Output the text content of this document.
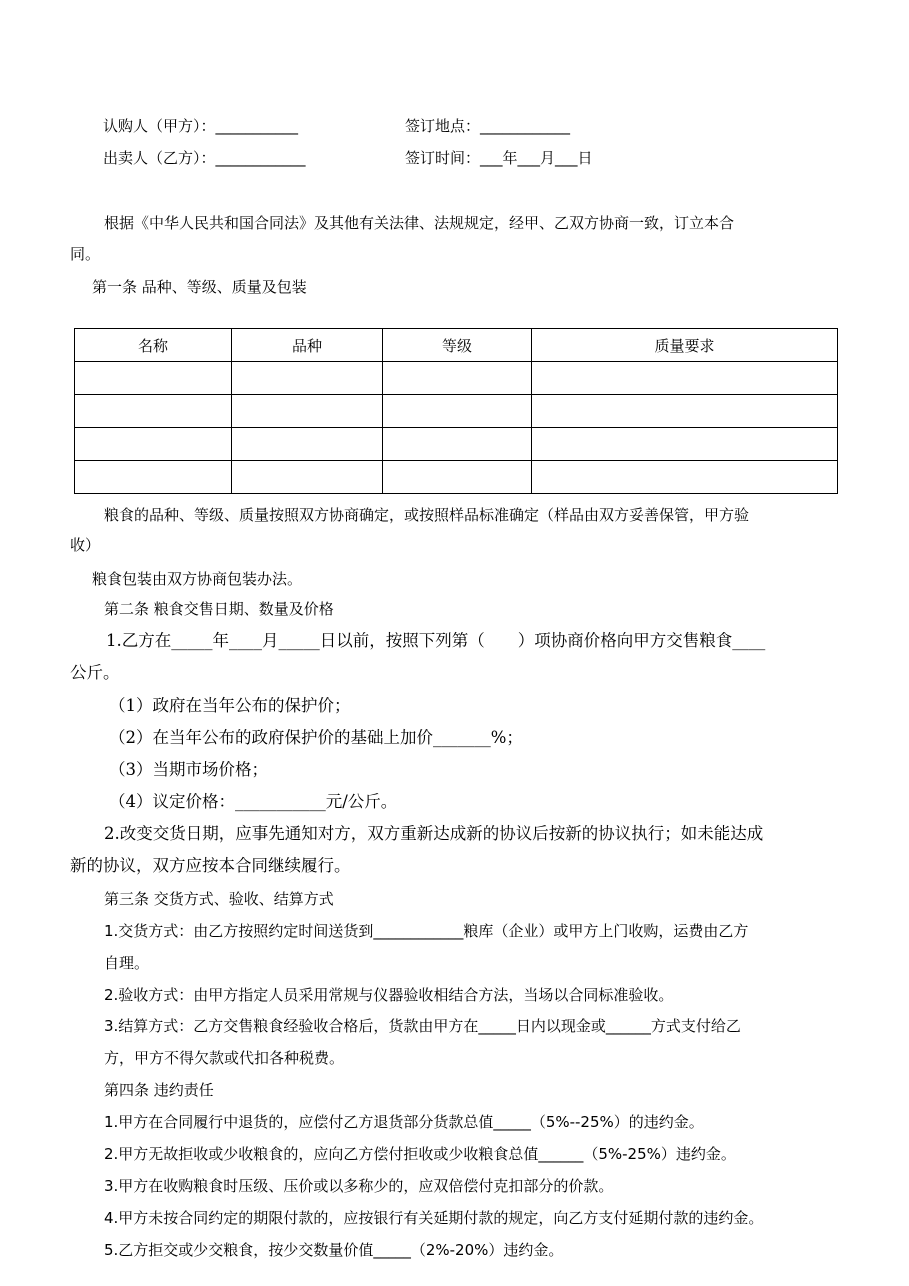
认购人（甲方）：___________
出卖人（乙方）：____________
签订地点：____________
签订时间：___年___月___日
根据《中华人民共和国合同法》及其他有关法律、法规规定，经甲、乙双方协商一致，订立本合
同。
第一条 品种、等级、质量及包装
名称	品种	等级	质量要求

粮食的品种、等级、质量按照双方协商确定，或按照样品标准确定（样品由双方妥善保管，甲方验
收）
粮食包装由双方协商包装办法。
第二条 粮食交售日期、数量及价格
1.乙方在_____年____月_____日以前，按照下列第（　　）项协商价格向甲方交售粮食____
公斤。
（1）政府在当年公布的保护价；
（2）在当年公布的政府保护价的基础上加价_______%；
（3）当期市场价格；
（4）议定价格：___________元/公斤。
2.改变交货日期，应事先通知对方，双方重新达成新的协议后按新的协议执行；如未能达成
新的协议，双方应按本合同继续履行。
第三条 交货方式、验收、结算方式
1.交货方式：由乙方按照约定时间送货到____________粮库（企业）或甲方上门收购，运费由乙方
自理。
2.验收方式：由甲方指定人员采用常规与仪器验收相结合方法，当场以合同标准验收。
3.结算方式：乙方交售粮食经验收合格后，货款由甲方在_____日内以现金或______方式支付给乙
方，甲方不得欠款或代扣各种税费。
第四条 违约责任
1.甲方在合同履行中退货的，应偿付乙方退货部分货款总值_____（5%--25%）的违约金。
2.甲方无故拒收或少收粮食的，应向乙方偿付拒收或少收粮食总值______（5%-25%）违约金。
3.甲方在收购粮食时压级、压价或以多称少的，应双倍偿付克扣部分的价款。
4.甲方未按合同约定的期限付款的，应按银行有关延期付款的规定，向乙方支付延期付款的违约金。
5.乙方拒交或少交粮食，按少交数量价值_____（2%-20%）违约金。
